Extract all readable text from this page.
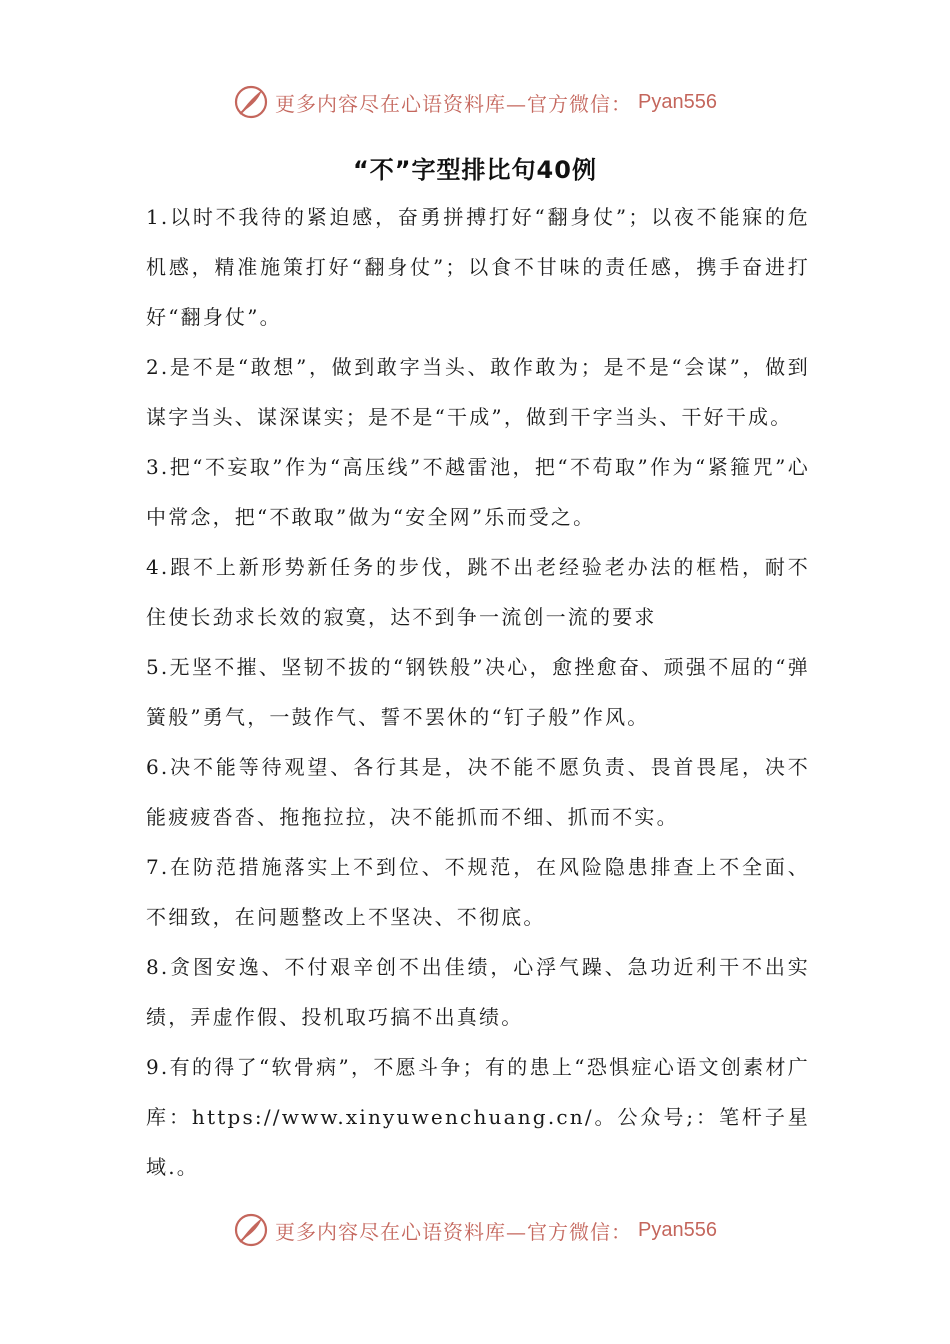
更多内容尽在心语资料库—官方微信： Pyan556
“不”字型排比句40例

1.以时不我待的紧迫感，奋勇拼搏打好“翻身仗”；以夜不能寐的危机感，精准施策打好“翻身仗”；以食不甘味的责任感，携手奋进打好“翻身仗”。

2.是不是“敢想”，做到敢字当头、敢作敢为；是不是“会谋”，做到谋字当头、谋深谋实；是不是“干成”，做到干字当头、干好干成。

3.把“不妄取”作为“高压线”不越雷池，把“不苟取”作为“紧箍咒”心中常念，把“不敢取”做为“安全网”乐而受之。

4.跟不上新形势新任务的步伐，跳不出老经验老办法的框梏，耐不住使长劲求长效的寂寞，达不到争一流创一流的要求

5.无坚不摧、坚韧不拔的“钢铁般”决心，愈挫愈奋、顽强不屈的“弹簧般”勇气，一鼓作气、誓不罢休的“钉子般”作风。

6.决不能等待观望、各行其是，决不能不愿负责、畏首畏尾，决不能疲疲沓沓、拖拖拉拉，决不能抓而不细、抓而不实。

7.在防范措施落实上不到位、不规范，在风险隐患排查上不全面、不细致，在问题整改上不坚决、不彻底。

8.贪图安逸、不付艰辛创不出佳绩，心浮气躁、急功近利干不出实绩，弄虚作假、投机取巧搞不出真绩。

9.有的得了“软骨病”，不愿斗争；有的患上“恐惧症心语文创素材广库：https://www.xinyuwenchuang.cn/。公众号;：笔杆子星域.。

更多内容尽在心语资料库—官方微信： Pyan556
